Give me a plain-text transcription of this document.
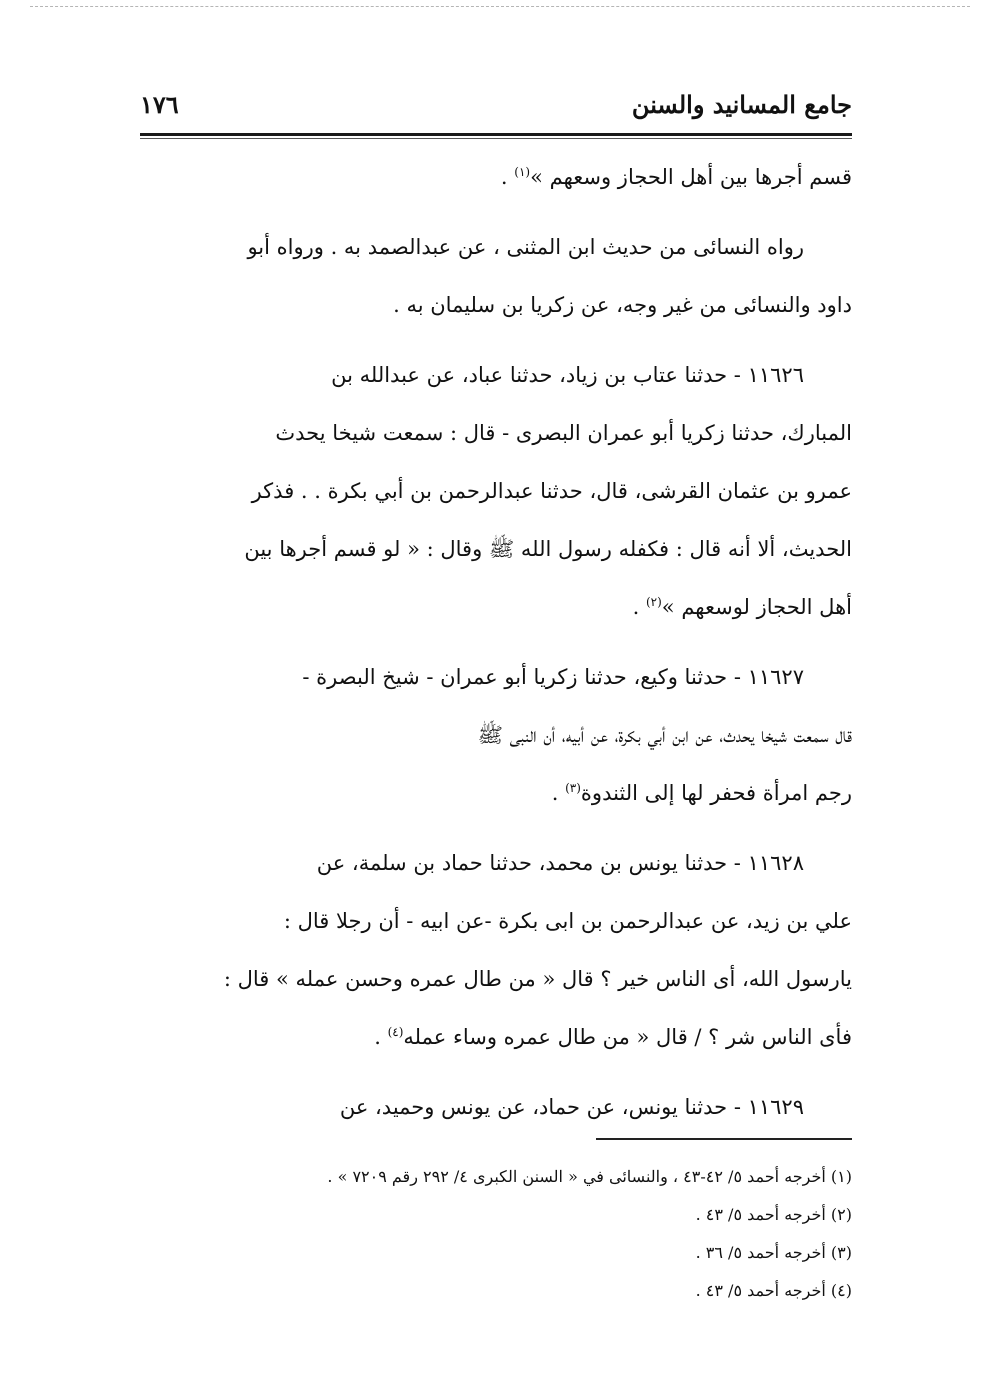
جامع المسانيد والسنن
١٧٦
قسم أجرها بين أهل الحجاز وسعهم »$^{(١)}$ .
رواه النسائى من حديث ابن المثنى ، عن عبدالصمد به . ورواه أبو
داود والنسائى من غير وجه، عن زكريا بن سليمان به .
١١٦٢٦ - حدثنا عتاب بن زياد، حدثنا عباد، عن عبدالله بن
المبارك، حدثنا زكريا أبو عمران البصرى - قال : سمعت شيخا يحدث
عمرو بن عثمان القرشى، قال، حدثنا عبدالرحمن بن أبي بكرة . . فذكر
الحديث، ألا أنه قال : فكفله رسول الله ﷺ وقال : « لو قسم أجرها بين
أهل الحجاز لوسعهم »$^{(٢)}$ .
١١٦٢٧ - حدثنا وكيع، حدثنا زكريا أبو عمران - شيخ البصرة -
قال سمعت شيخا يحدث، عن ابن أبي بكرة، عن أبيه، أن النبى ﷺ
رجم امرأة فحفر لها إلى الثندوة$^{(٣)}$ .
١١٦٢٨ - حدثنا يونس بن محمد، حدثنا حماد بن سلمة، عن
علي بن زيد، عن عبدالرحمن بن ابى بكرة -عن ابيه - أن رجلا قال :
يارسول الله، أى الناس خير ؟ قال « من طال عمره وحسن عمله » قال :
فأى الناس شر ؟ / قال « من طال عمره وساء عمله$^{(٤)}$ .
١١٦٢٩ - حدثنا يونس، عن حماد، عن يونس وحميد، عن
(١) أخرجه أحمد ٥/ ٤٢-٤٣ ، والنسائى في « السنن الكبرى ٤/ ٢٩٢ رقم ٧٢٠٩ » .
(٢) أخرجه أحمد ٥/ ٤٣ .
(٣) أخرجه أحمد ٥/ ٣٦ .
(٤) أخرجه أحمد ٥/ ٤٣ .
